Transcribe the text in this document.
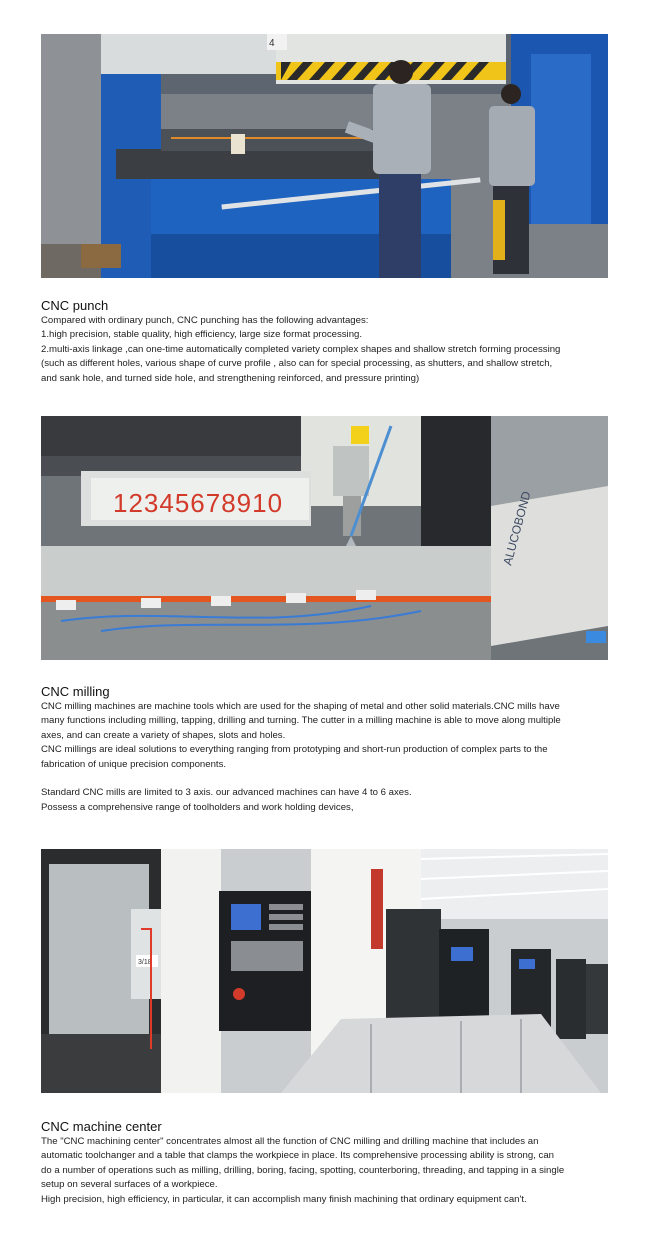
4
CNC punch

Compared with ordinary punch, CNC punching has the following advantages:

1.high precision, stable quality, high efficiency, large size format processing.

2.multi-axis linkage ,can one-time automatically completed variety complex shapes and shallow stretch forming processing

(such as different holes, various shape of curve profile , also can for special processing, as shutters, and shallow stretch,

and sank hole, and turned side hole, and strengthening reinforced, and pressure printing)

12345678910	ALUCOBOND
CNC milling

CNC milling machines are machine tools which are used for the shaping of metal and other solid materials.CNC mills have

many functions including milling, tapping, drilling and turning. The cutter in a milling machine is able to move along multiple

axes, and can create a variety of shapes, slots and holes.

CNC millings are ideal solutions to everything ranging from prototyping and short-run production of complex parts to the

fabrication of unique precision components.

Standard CNC mills are limited to 3 axis. our advanced machines can have 4 to 6 axes.

Possess a comprehensive range of toolholders and work holding devices,

3/18
CNC machine center

The "CNC machining center" concentrates almost all the function of CNC milling and drilling machine that includes an

automatic toolchanger and a table that clamps the workpiece in place. Its comprehensive processing ability is strong, can

do a number of operations such as milling, drilling, boring, facing, spotting, counterboring, threading, and tapping in a single

setup on several surfaces of a workpiece.

High precision, high efficiency, in particular, it can accomplish many finish machining that ordinary equipment can't.
